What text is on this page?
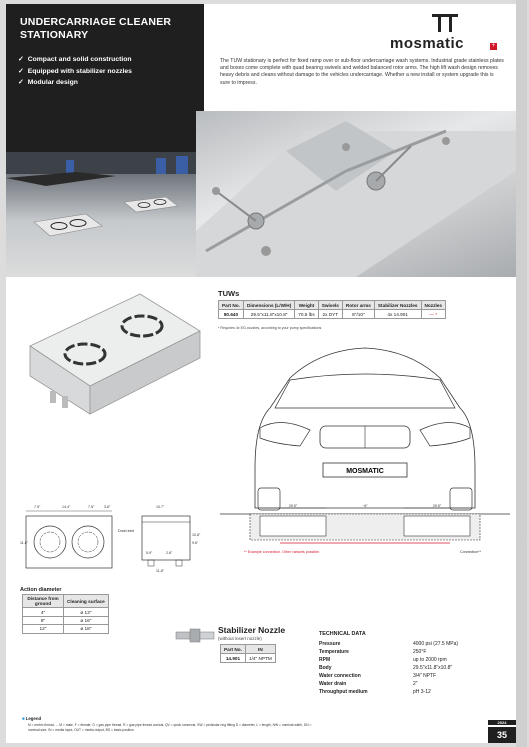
UNDERCARRIAGE CLEANER STATIONARY
✓ Compact and solid construction
✓ Equipped with stabilizer nozzles
✓ Modular design
mosmatic	+
The TUW stationary is perfect for fixed ramp over or sub-floor undercarriage wash systems. Industrial grade stainless plates and boxes come complete with quad bearing swivels and welded balanced rotor arms. The high lift wash design removes heavy debris and cleans without damage to the vehicles undercarriage. Whether a new install or system upgrade this is sure to impress.
TUWs
Part No.	Dimensions (L/W/H)	Weight	Swivels	Rotor arms	Stabilizer Nozzles	Nozzles
80.640	29.5"x11.8"x10.8"	70.5 lbs	2x DYT	8"/10"	4x 14.901	— *
* Requires 4x EG-nozzles, according to your pump specifications
MOSMATIC
29.5"	~6"	29.5"
** Example connection. Other variants possible.	Connection**
7.5"	14.4"	7.5"	3.8"
11.8"
10.7"
Drain inlet
5.9"	2.8"
11.8"
10.8"
9.6"
Action diameter
Distance from ground	Cleaning surface
4"	ø 13"
8"	ø 16"
12"	ø 18"	Stabilizer Nozzle
(without insert nozzle)
Part No.	IN
14.901	1/4" NPTM
TECHNICAL DATA
Pressure	4000 psi (27.5 MPa)
Temperature	250°F
RPM	up to 2000 rpm
Body	29.5"x11.8"x10.8"
Water connection	3/4" NPTF
Water drain	2"
Throughput medium	pH 3-12
■ Legend
M = metric thread, ... M = male, F = female, G = gas pipe thread, R = gas pipe thread conical, QV = quick connects, SW = pedicular ring fitting D = diameter, L = length, NW = nominal width, DN = nominal size, IN = media input, OUT = media output, BS = basic position
WWW.MOSMATIC.COM
2024
35
